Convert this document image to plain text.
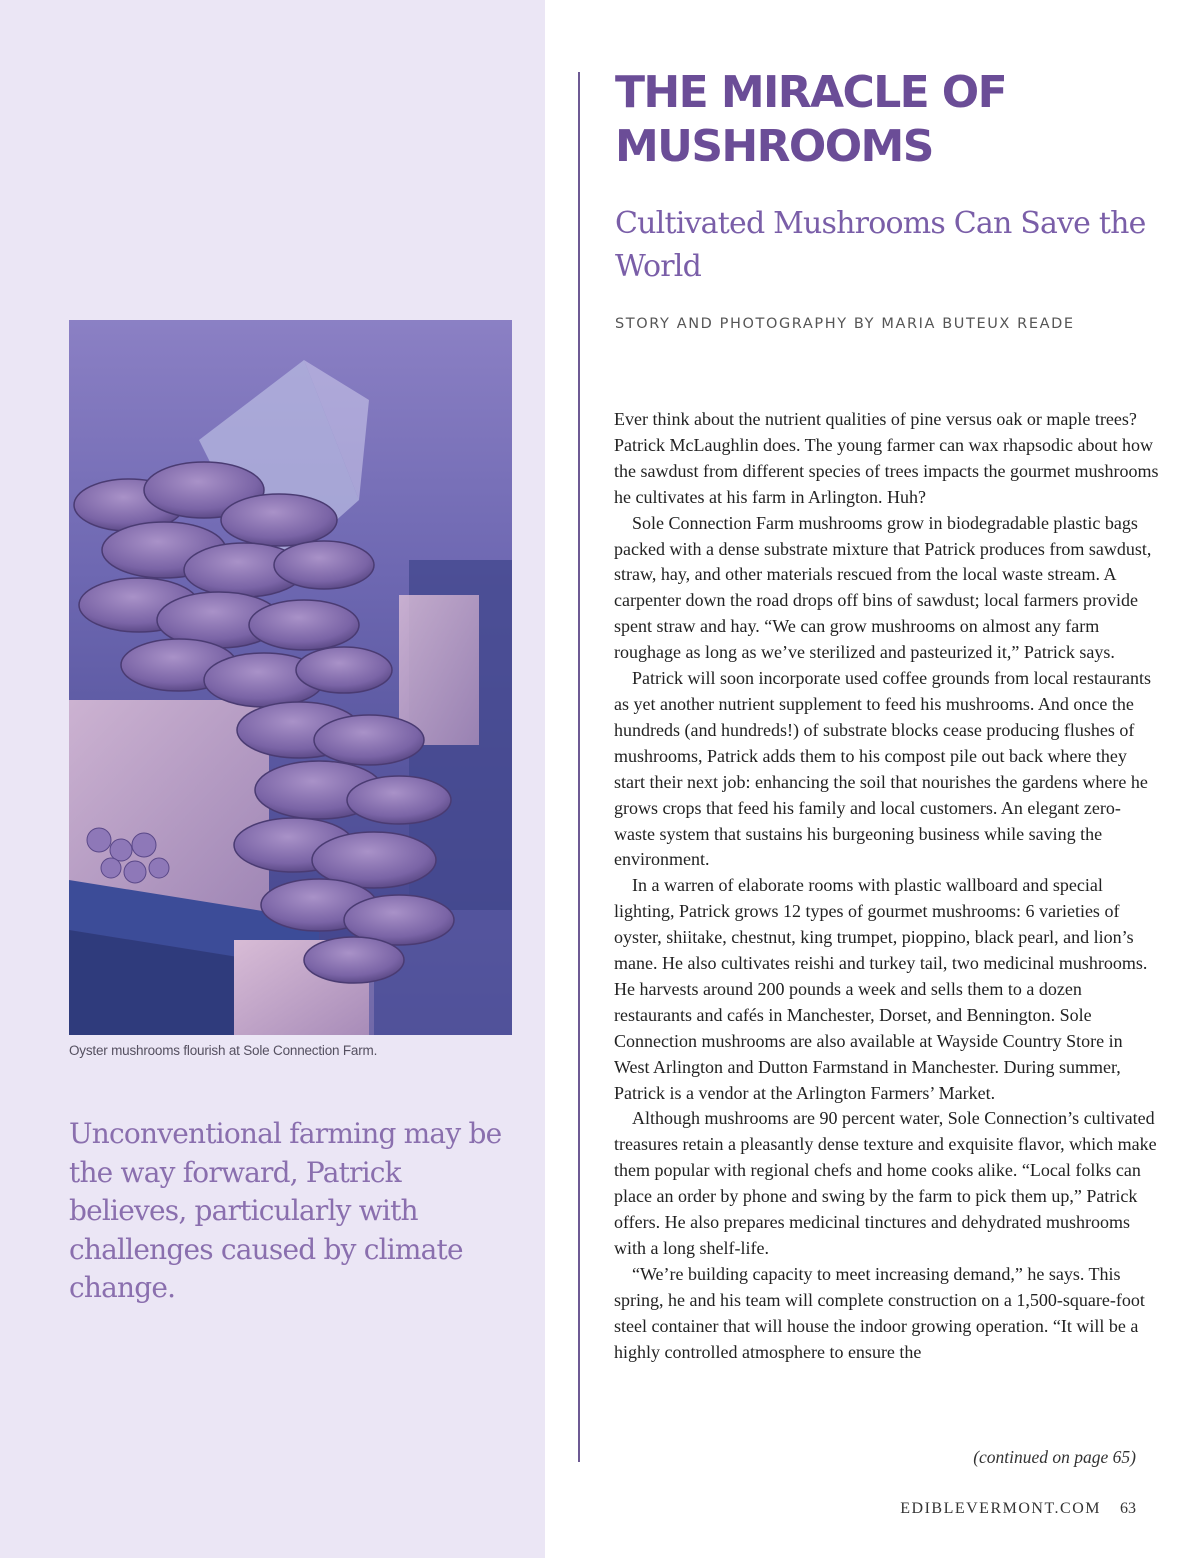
Oyster mushrooms flourish at Sole Connection Farm.
Unconventional farming may be the way forward, Patrick believes, particularly with challenges caused by climate change.
THE MIRACLE OF MUSHROOMS
Cultivated Mushrooms Can Save the World
STORY AND PHOTOGRAPHY BY MARIA BUTEUX READE

Ever think about the nutrient qualities of pine versus oak or maple trees? Patrick McLaughlin does. The young farmer can wax rhapsodic about how the sawdust from different species of trees impacts the gourmet mushrooms he cultivates at his farm in Arlington. Huh?

Sole Connection Farm mushrooms grow in biodegradable plastic bags packed with a dense substrate mixture that Patrick produces from sawdust, straw, hay, and other materials rescued from the local waste stream. A carpenter down the road drops off bins of sawdust; local farmers provide spent straw and hay. “We can grow mushrooms on almost any farm roughage as long as we’ve sterilized and pasteurized it,” Patrick says.

Patrick will soon incorporate used coffee grounds from local restaurants as yet another nutrient supplement to feed his mushrooms. And once the hundreds (and hundreds!) of substrate blocks cease producing flushes of mushrooms, Patrick adds them to his compost pile out back where they start their next job: enhancing the soil that nourishes the gardens where he grows crops that feed his family and local customers. An elegant zero-waste system that sustains his burgeoning business while saving the environment.

In a warren of elaborate rooms with plastic wallboard and special lighting, Patrick grows 12 types of gourmet mushrooms: 6 varieties of oyster, shiitake, chestnut, king trumpet, pioppino, black pearl, and lion’s mane. He also cultivates reishi and turkey tail, two medicinal mushrooms. He harvests around 200 pounds a week and sells them to a dozen restaurants and cafés in Manchester, Dorset, and Bennington. Sole Connection mushrooms are also available at Wayside Country Store in West Arlington and Dutton Farmstand in Manchester. During summer, Patrick is a vendor at the Arlington Farmers’ Market.

Although mushrooms are 90 percent water, Sole Connection’s cultivated treasures retain a pleasantly dense texture and exquisite flavor, which make them popular with regional chefs and home cooks alike. “Local folks can place an order by phone and swing by the farm to pick them up,” Patrick offers. He also prepares medicinal tinctures and dehydrated mushrooms with a long shelf-life.

“We’re building capacity to meet increasing demand,” he says. This spring, he and his team will complete construction on a 1,500-square-foot steel container that will house the indoor growing operation. “It will be a highly controlled atmosphere to ensure the

(continued on page 65)
EDIBLEVERMONT.COM 63
